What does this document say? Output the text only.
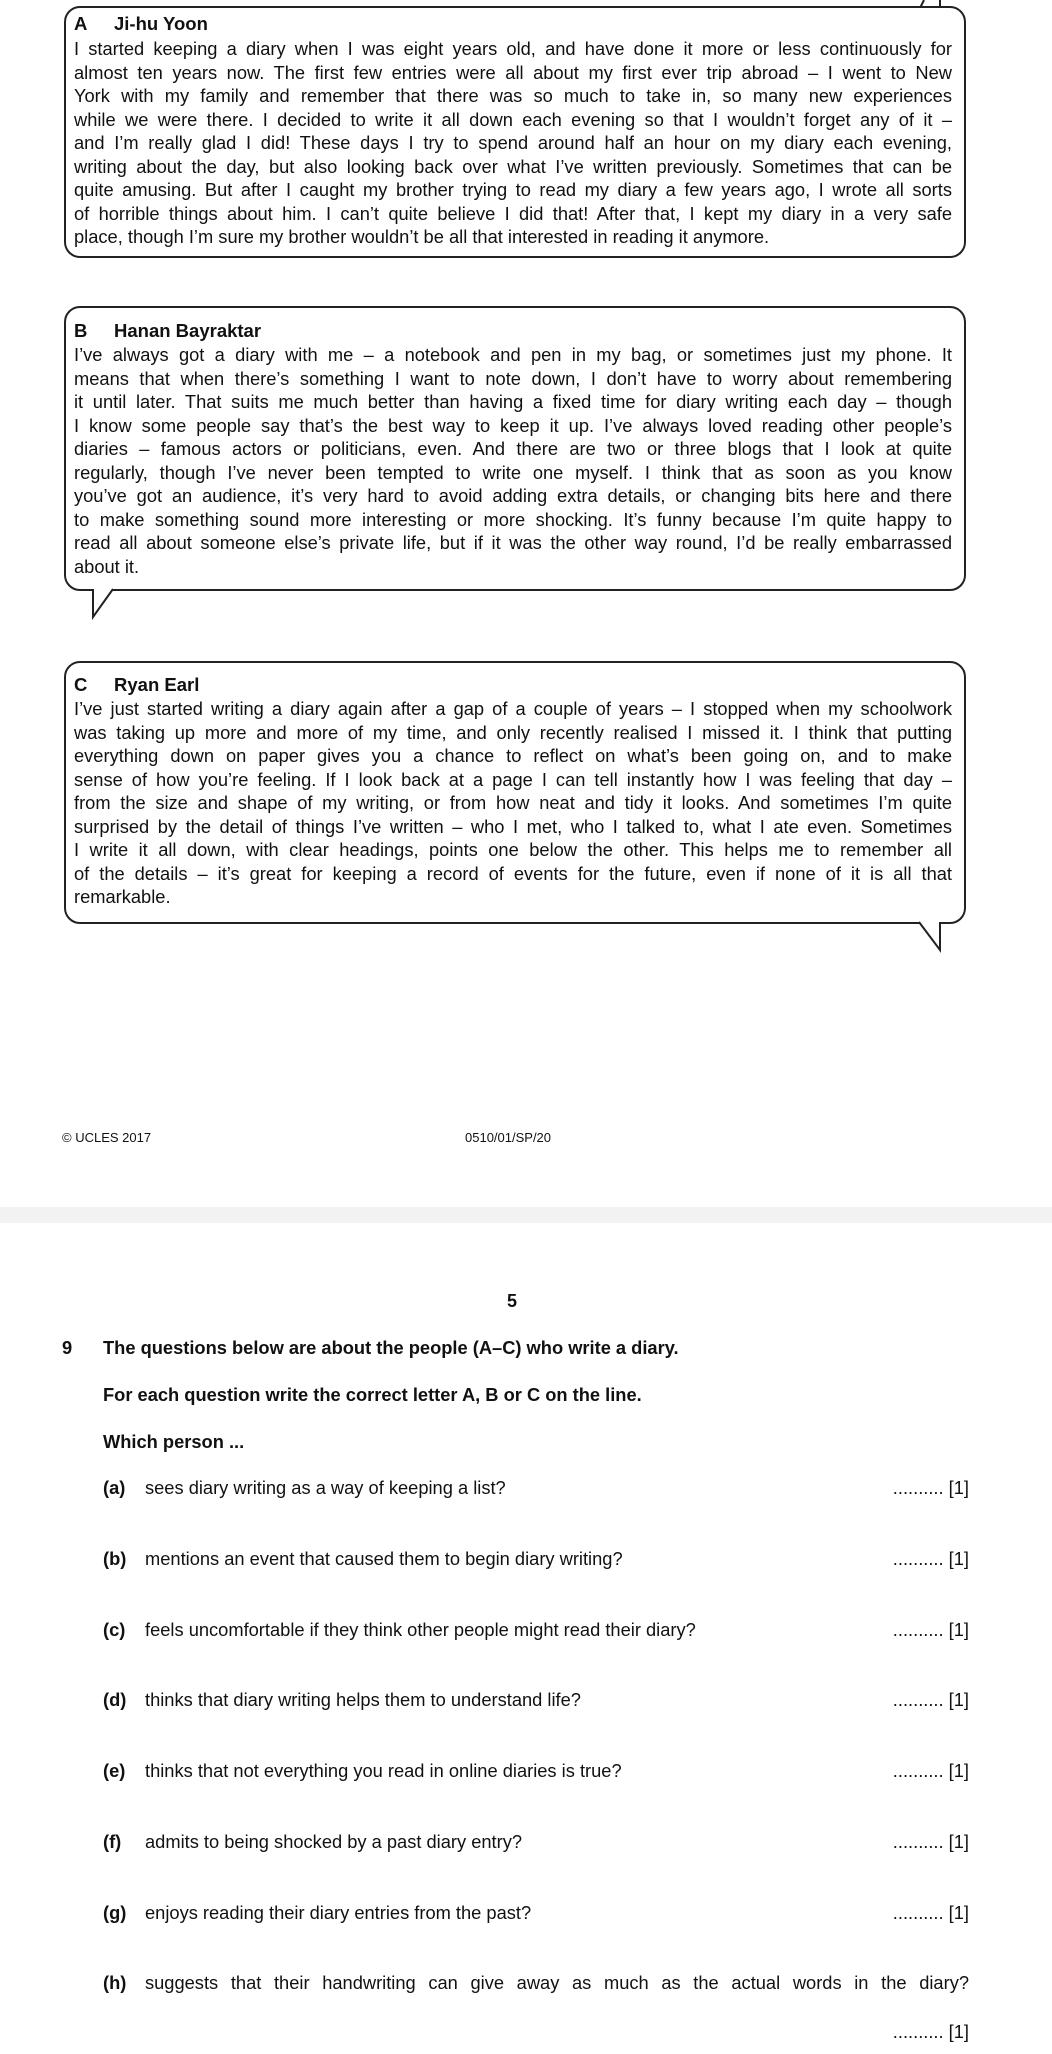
A Ji-hu Yoon
I started keeping a diary when I was eight years old, and have done it more or less continuously for
almost ten years now. The first few entries were all about my first ever trip abroad – I went to New
York with my family and remember that there was so much to take in, so many new experiences
while we were there. I decided to write it all down each evening so that I wouldn’t forget any of it –
and I’m really glad I did! These days I try to spend around half an hour on my diary each evening,
writing about the day, but also looking back over what I’ve written previously. Sometimes that can be
quite amusing. But after I caught my brother trying to read my diary a few years ago, I wrote all sorts
of horrible things about him. I can’t quite believe I did that! After that, I kept my diary in a very safe
place, though I’m sure my brother wouldn’t be all that interested in reading it anymore.
B Hanan Bayraktar
I’ve always got a diary with me – a notebook and pen in my bag, or sometimes just my phone. It
means that when there’s something I want to note down, I don’t have to worry about remembering
it until later. That suits me much better than having a fixed time for diary writing each day – though
I know some people say that’s the best way to keep it up. I’ve always loved reading other people’s
diaries – famous actors or politicians, even. And there are two or three blogs that I look at quite
regularly, though I’ve never been tempted to write one myself. I think that as soon as you know
you’ve got an audience, it’s very hard to avoid adding extra details, or changing bits here and there
to make something sound more interesting or more shocking. It’s funny because I’m quite happy to
read all about someone else’s private life, but if it was the other way round, I’d be really embarrassed
about it.
C Ryan Earl
I’ve just started writing a diary again after a gap of a couple of years – I stopped when my schoolwork
was taking up more and more of my time, and only recently realised I missed it. I think that putting
everything down on paper gives you a chance to reflect on what’s been going on, and to make
sense of how you’re feeling. If I look back at a page I can tell instantly how I was feeling that day –
from the size and shape of my writing, or from how neat and tidy it looks. And sometimes I’m quite
surprised by the detail of things I’ve written – who I met, who I talked to, what I ate even. Sometimes
I write it all down, with clear headings, points one below the other. This helps me to remember all
of the details – it’s great for keeping a record of events for the future, even if none of it is all that
remarkable.
© UCLES 2017	0510/01/SP/20
5
9 The questions below are about the people (A–C) who write a diary.
For each question write the correct letter A, B or C on the line.
Which person ...
(a) sees diary writing as a way of keeping a list?	.......... [1]
(b) mentions an event that caused them to begin diary writing?	.......... [1]
(c) feels uncomfortable if they think other people might read their diary?	.......... [1]
(d) thinks that diary writing helps them to understand life?	.......... [1]
(e) thinks that not everything you read in online diaries is true?	.......... [1]
(f) admits to being shocked by a past diary entry?	.......... [1]
(g) enjoys reading their diary entries from the past?	.......... [1]
(h) suggests that their handwriting can give away as much as the actual words in the diary?
.......... [1]
